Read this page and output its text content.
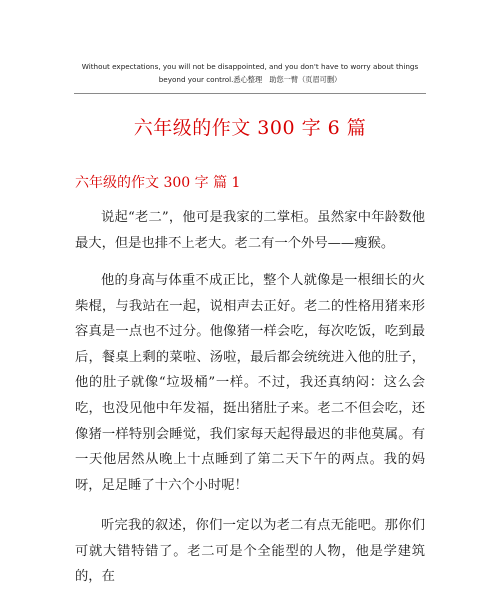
Without expectations, you will not be disappointed, and you don't have to worry about things beyond your control.悉心整理　助您一臂（页眉可删）
六年级的作文 300 字 6 篇
六年级的作文 300 字 篇 1

说起“老二”，他可是我家的二掌柜。虽然家中年龄数他最大，但是也排不上老大。老二有一个外号——瘦猴。

他的身高与体重不成正比，整个人就像是一根细长的火柴棍，与我站在一起，说相声去正好。老二的性格用猪来形容真是一点也不过分。他像猪一样会吃，每次吃饭，吃到最后，餐桌上剩的菜啦、汤啦，最后都会统统进入他的肚子，他的肚子就像“垃圾桶”一样。不过，我还真纳闷：这么会吃，也没见他中年发福，挺出猪肚子来。老二不但会吃，还像猪一样特别会睡觉，我们家每天起得最迟的非他莫属。有一天他居然从晚上十点睡到了第二天下午的两点。我的妈呀，足足睡了十六个小时呢！

听完我的叙述，你们一定以为老二有点无能吧。那你们可就大错特错了。老二可是个全能型的人物，他是学建筑的，在
